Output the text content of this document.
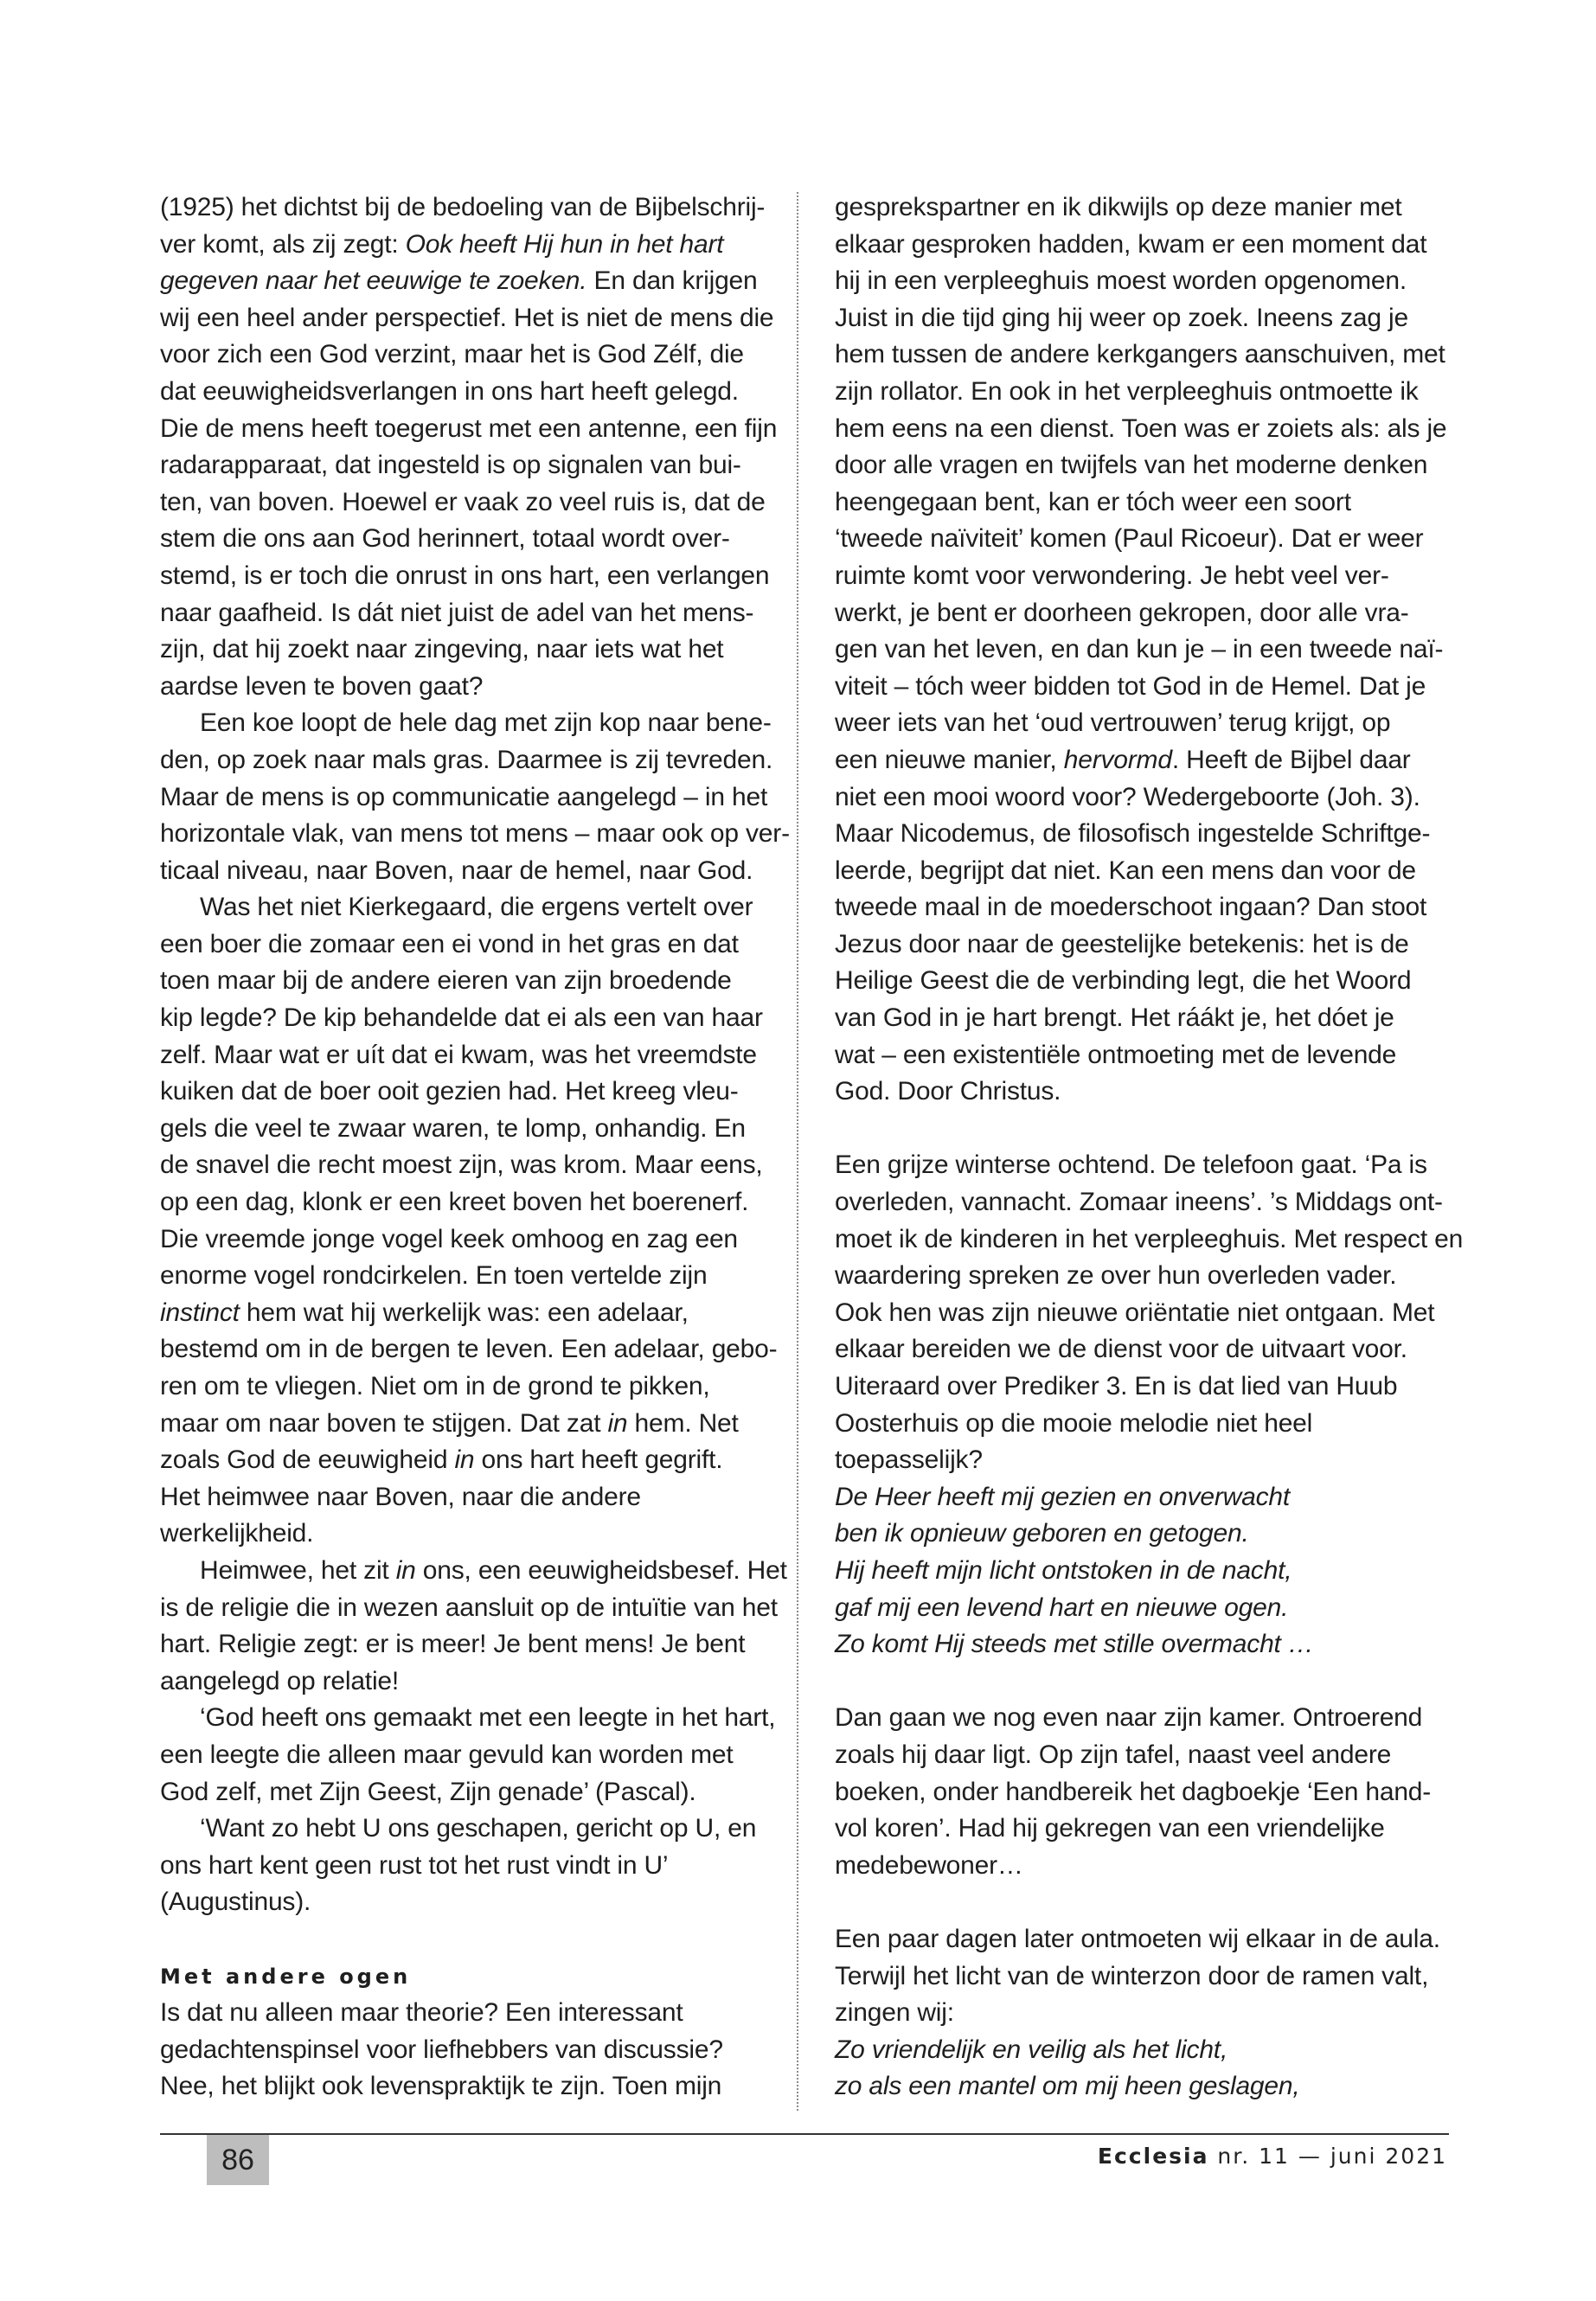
(1925) het dichtst bij de bedoeling van de Bijbelschrij-
ver komt, als zij zegt: Ook heeft Hij hun in het hart
gegeven naar het eeuwige te zoeken. En dan krijgen
wij een heel ander perspectief. Het is niet de mens die
voor zich een God verzint, maar het is God Zélf, die
dat eeuwigheidsverlangen in ons hart heeft gelegd.
Die de mens heeft toegerust met een antenne, een fijn
radarapparaat, dat ingesteld is op signalen van bui-
ten, van boven. Hoewel er vaak zo veel ruis is, dat de
stem die ons aan God herinnert, totaal wordt over-
stemd, is er toch die onrust in ons hart, een verlangen
naar gaafheid. Is dát niet juist de adel van het mens-
zijn, dat hij zoekt naar zingeving, naar iets wat het
aardse leven te boven gaat?
Een koe loopt de hele dag met zijn kop naar bene-
den, op zoek naar mals gras. Daarmee is zij tevreden.
Maar de mens is op communicatie aangelegd – in het
horizontale vlak, van mens tot mens – maar ook op ver-
ticaal niveau, naar Boven, naar de hemel, naar God.
Was het niet Kierkegaard, die ergens vertelt over
een boer die zomaar een ei vond in het gras en dat
toen maar bij de andere eieren van zijn broedende
kip legde? De kip behandelde dat ei als een van haar
zelf. Maar wat er uít dat ei kwam, was het vreemdste
kuiken dat de boer ooit gezien had. Het kreeg vleu-
gels die veel te zwaar waren, te lomp, onhandig. En
de snavel die recht moest zijn, was krom. Maar eens,
op een dag, klonk er een kreet boven het boerenerf.
Die vreemde jonge vogel keek omhoog en zag een
enorme vogel rondcirkelen. En toen vertelde zijn
instinct hem wat hij werkelijk was: een adelaar,
bestemd om in de bergen te leven. Een adelaar, gebo-
ren om te vliegen. Niet om in de grond te pikken,
maar om naar boven te stijgen. Dat zat in hem. Net
zoals God de eeuwigheid in ons hart heeft gegrift.
Het heimwee naar Boven, naar die andere
werkelijkheid.
Heimwee, het zit in ons, een eeuwigheidsbesef. Het
is de religie die in wezen aansluit op de intuïtie van het
hart. Religie zegt: er is meer! Je bent mens! Je bent
aangelegd op relatie!
‘God heeft ons gemaakt met een leegte in het hart,
een leegte die alleen maar gevuld kan worden met
God zelf, met Zijn Geest, Zijn genade’ (Pascal).
‘Want zo hebt U ons geschapen, gericht op U, en
ons hart kent geen rust tot het rust vindt in U’
(Augustinus).
Met andere ogen
Is dat nu alleen maar theorie? Een interessant
gedachtenspinsel voor liefhebbers van discussie?
Nee, het blijkt ook levenspraktijk te zijn. Toen mijn
gesprekspartner en ik dikwijls op deze manier met
elkaar gesproken hadden, kwam er een moment dat
hij in een verpleeghuis moest worden opgenomen.
Juist in die tijd ging hij weer op zoek. Ineens zag je
hem tussen de andere kerkgangers aanschuiven, met
zijn rollator. En ook in het verpleeghuis ontmoette ik
hem eens na een dienst. Toen was er zoiets als: als je
door alle vragen en twijfels van het moderne denken
heengegaan bent, kan er tóch weer een soort
‘tweede naïviteit’ komen (Paul Ricoeur). Dat er weer
ruimte komt voor verwondering. Je hebt veel ver-
werkt, je bent er doorheen gekropen, door alle vra-
gen van het leven, en dan kun je – in een tweede naï-
viteit – tóch weer bidden tot God in de Hemel. Dat je
weer iets van het ‘oud vertrouwen’ terug krijgt, op
een nieuwe manier, hervormd. Heeft de Bijbel daar
niet een mooi woord voor? Wedergeboorte (Joh. 3).
Maar Nicodemus, de filosofisch ingestelde Schriftge-
leerde, begrijpt dat niet. Kan een mens dan voor de
tweede maal in de moederschoot ingaan? Dan stoot
Jezus door naar de geestelijke betekenis: het is de
Heilige Geest die de verbinding legt, die het Woord
van God in je hart brengt. Het ráákt je, het dóet je
wat – een existentiële ontmoeting met de levende
God. Door Christus.
Een grijze winterse ochtend. De telefoon gaat. ‘Pa is
overleden, vannacht. Zomaar ineens’. ’s Middags ont-
moet ik de kinderen in het verpleeghuis. Met respect en
waardering spreken ze over hun overleden vader.
Ook hen was zijn nieuwe oriëntatie niet ontgaan. Met
elkaar bereiden we de dienst voor de uitvaart voor.
Uiteraard over Prediker 3. En is dat lied van Huub
Oosterhuis op die mooie melodie niet heel
toepasselijk?
De Heer heeft mij gezien en onverwacht
ben ik opnieuw geboren en getogen.
Hij heeft mijn licht ontstoken in de nacht,
gaf mij een levend hart en nieuwe ogen.
Zo komt Hij steeds met stille overmacht …
Dan gaan we nog even naar zijn kamer. Ontroerend
zoals hij daar ligt. Op zijn tafel, naast veel andere
boeken, onder handbereik het dagboekje ‘Een hand-
vol koren’. Had hij gekregen van een vriendelijke
medebewoner…
Een paar dagen later ontmoeten wij elkaar in de aula.
Terwijl het licht van de winterzon door de ramen valt,
zingen wij:
Zo vriendelijk en veilig als het licht,
zo als een mantel om mij heen geslagen,
86	Ecclesia nr. 11 — juni 2021
